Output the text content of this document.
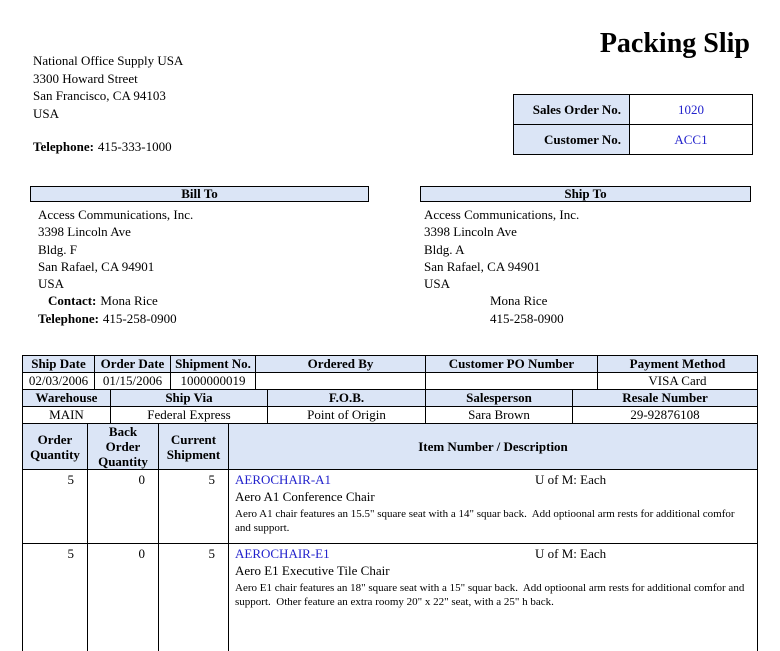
Packing Slip
National Office Supply USA
3300 Howard Street
San Francisco, CA 94103
USA
Telephone: 415-333-1000
Sales Order No.	1020
Customer No.	ACC1
Bill To	Ship To
Access Communications, Inc.
3398 Lincoln Ave
Bldg. F
San Rafael, CA 94901
USA
Contact: Mona Rice
Telephone: 415-258-0900
Access Communications, Inc.
3398 Lincoln Ave
Bldg. A
San Rafael, CA 94901
USA
Mona Rice
415-258-0900
Ship Date	Order Date	Shipment No.	Ordered By	Customer PO Number	Payment Method
02/03/2006	01/15/2006	1000000019			VISA Card
Warehouse	Ship Via	F.O.B.	Salesperson	Resale Number
MAIN	Federal Express	Point of Origin	Sara Brown	29-92876108
Order Quantity	Back Order Quantity	Current Shipment	Item Number / Description
5	0	5	AEROCHAIR-A1 U of M: Each
Aero A1 Conference Chair
Aero A1 chair features an 15.5" square seat with a 14" squar back.  Add optioonal arm rests for additional comfor and support.

5	0	5	AEROCHAIR-E1 U of M: Each
Aero E1 Executive Tile Chair
Aero E1 chair features an 18" square seat with a 15" squar back.  Add optioonal arm rests for additional comfor and support.  Other feature an extra roomy 20" x 22" seat, with a 25" h back.
